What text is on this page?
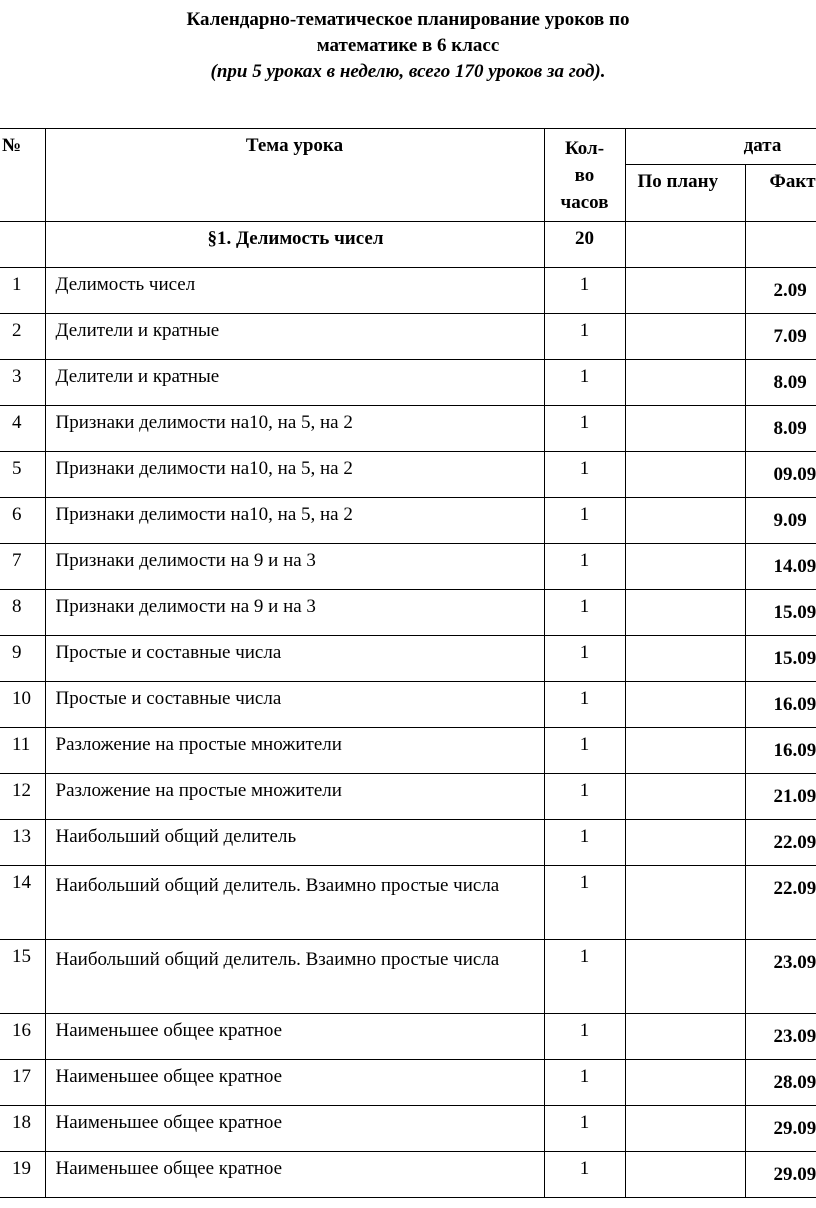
Календарно-тематическое планирование уроков по
математике в 6 класс
(при 5 уроках в неделю, всего 170 уроков за год).
№	Тема урока	Кол-
во
часов	дата	
			По плану	Факт
	§1. Делимость чисел	20		
1	Делимость чисел	1		2.09
2	Делители и кратные	1		7.09
3	Делители и кратные	1		8.09
4	Признаки делимости на10, на 5, на 2	1		8.09
5	Признаки делимости на10, на 5, на 2	1		09.09
6	Признаки делимости на10, на 5, на 2	1		9.09
7	Признаки делимости на 9 и на 3	1		14.09
8	Признаки делимости на 9 и на 3	1		15.09
9	Простые и составные числа	1		15.09
10	Простые и составные числа	1		16.09
11	Разложение на простые множители	1		16.09
12	Разложение на простые множители	1		21.09
13	Наибольший общий делитель	1		22.09
14	Наибольший общий делитель. Взаимно простые числа	1		22.09
15	Наибольший общий делитель. Взаимно простые числа	1		23.09
16	Наименьшее общее кратное	1		23.09
17	Наименьшее общее кратное	1		28.09
18	Наименьшее общее кратное	1		29.09
19	Наименьшее общее кратное	1		29.09
